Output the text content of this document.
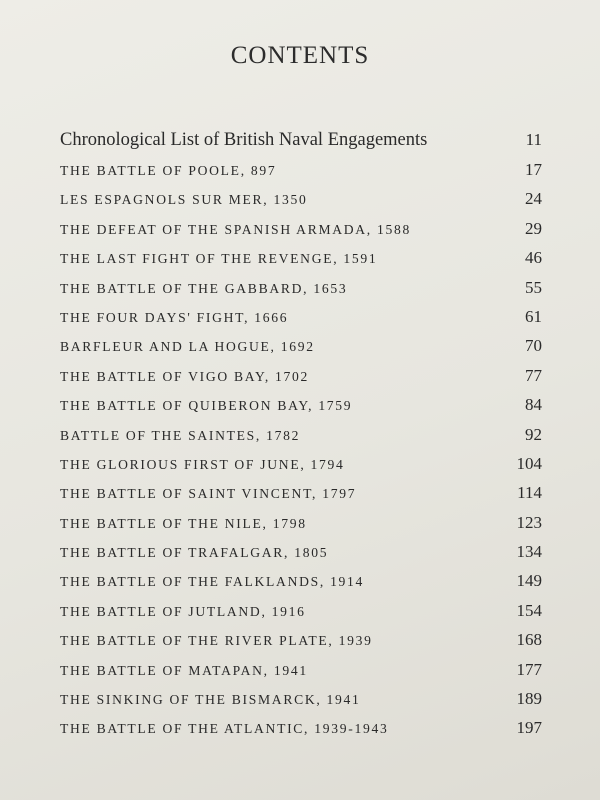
CONTENTS
Chronological List of British Naval Engagements	11
THE BATTLE OF POOLE, 897	17
LES ESPAGNOLS SUR MER, 1350	24
THE DEFEAT OF THE SPANISH ARMADA, 1588	29
THE LAST FIGHT OF THE REVENGE, 1591	46
THE BATTLE OF THE GABBARD, 1653	55
THE FOUR DAYS' FIGHT, 1666	61
BARFLEUR AND LA HOGUE, 1692	70
THE BATTLE OF VIGO BAY, 1702	77
THE BATTLE OF QUIBERON BAY, 1759	84
BATTLE OF THE SAINTES, 1782	92
THE GLORIOUS FIRST OF JUNE, 1794	104
THE BATTLE OF SAINT VINCENT, 1797	114
THE BATTLE OF THE NILE, 1798	123
THE BATTLE OF TRAFALGAR, 1805	134
THE BATTLE OF THE FALKLANDS, 1914	149
THE BATTLE OF JUTLAND, 1916	154
THE BATTLE OF THE RIVER PLATE, 1939	168
THE BATTLE OF MATAPAN, 1941	177
THE SINKING OF THE BISMARCK, 1941	189
THE BATTLE OF THE ATLANTIC, 1939-1943	197
